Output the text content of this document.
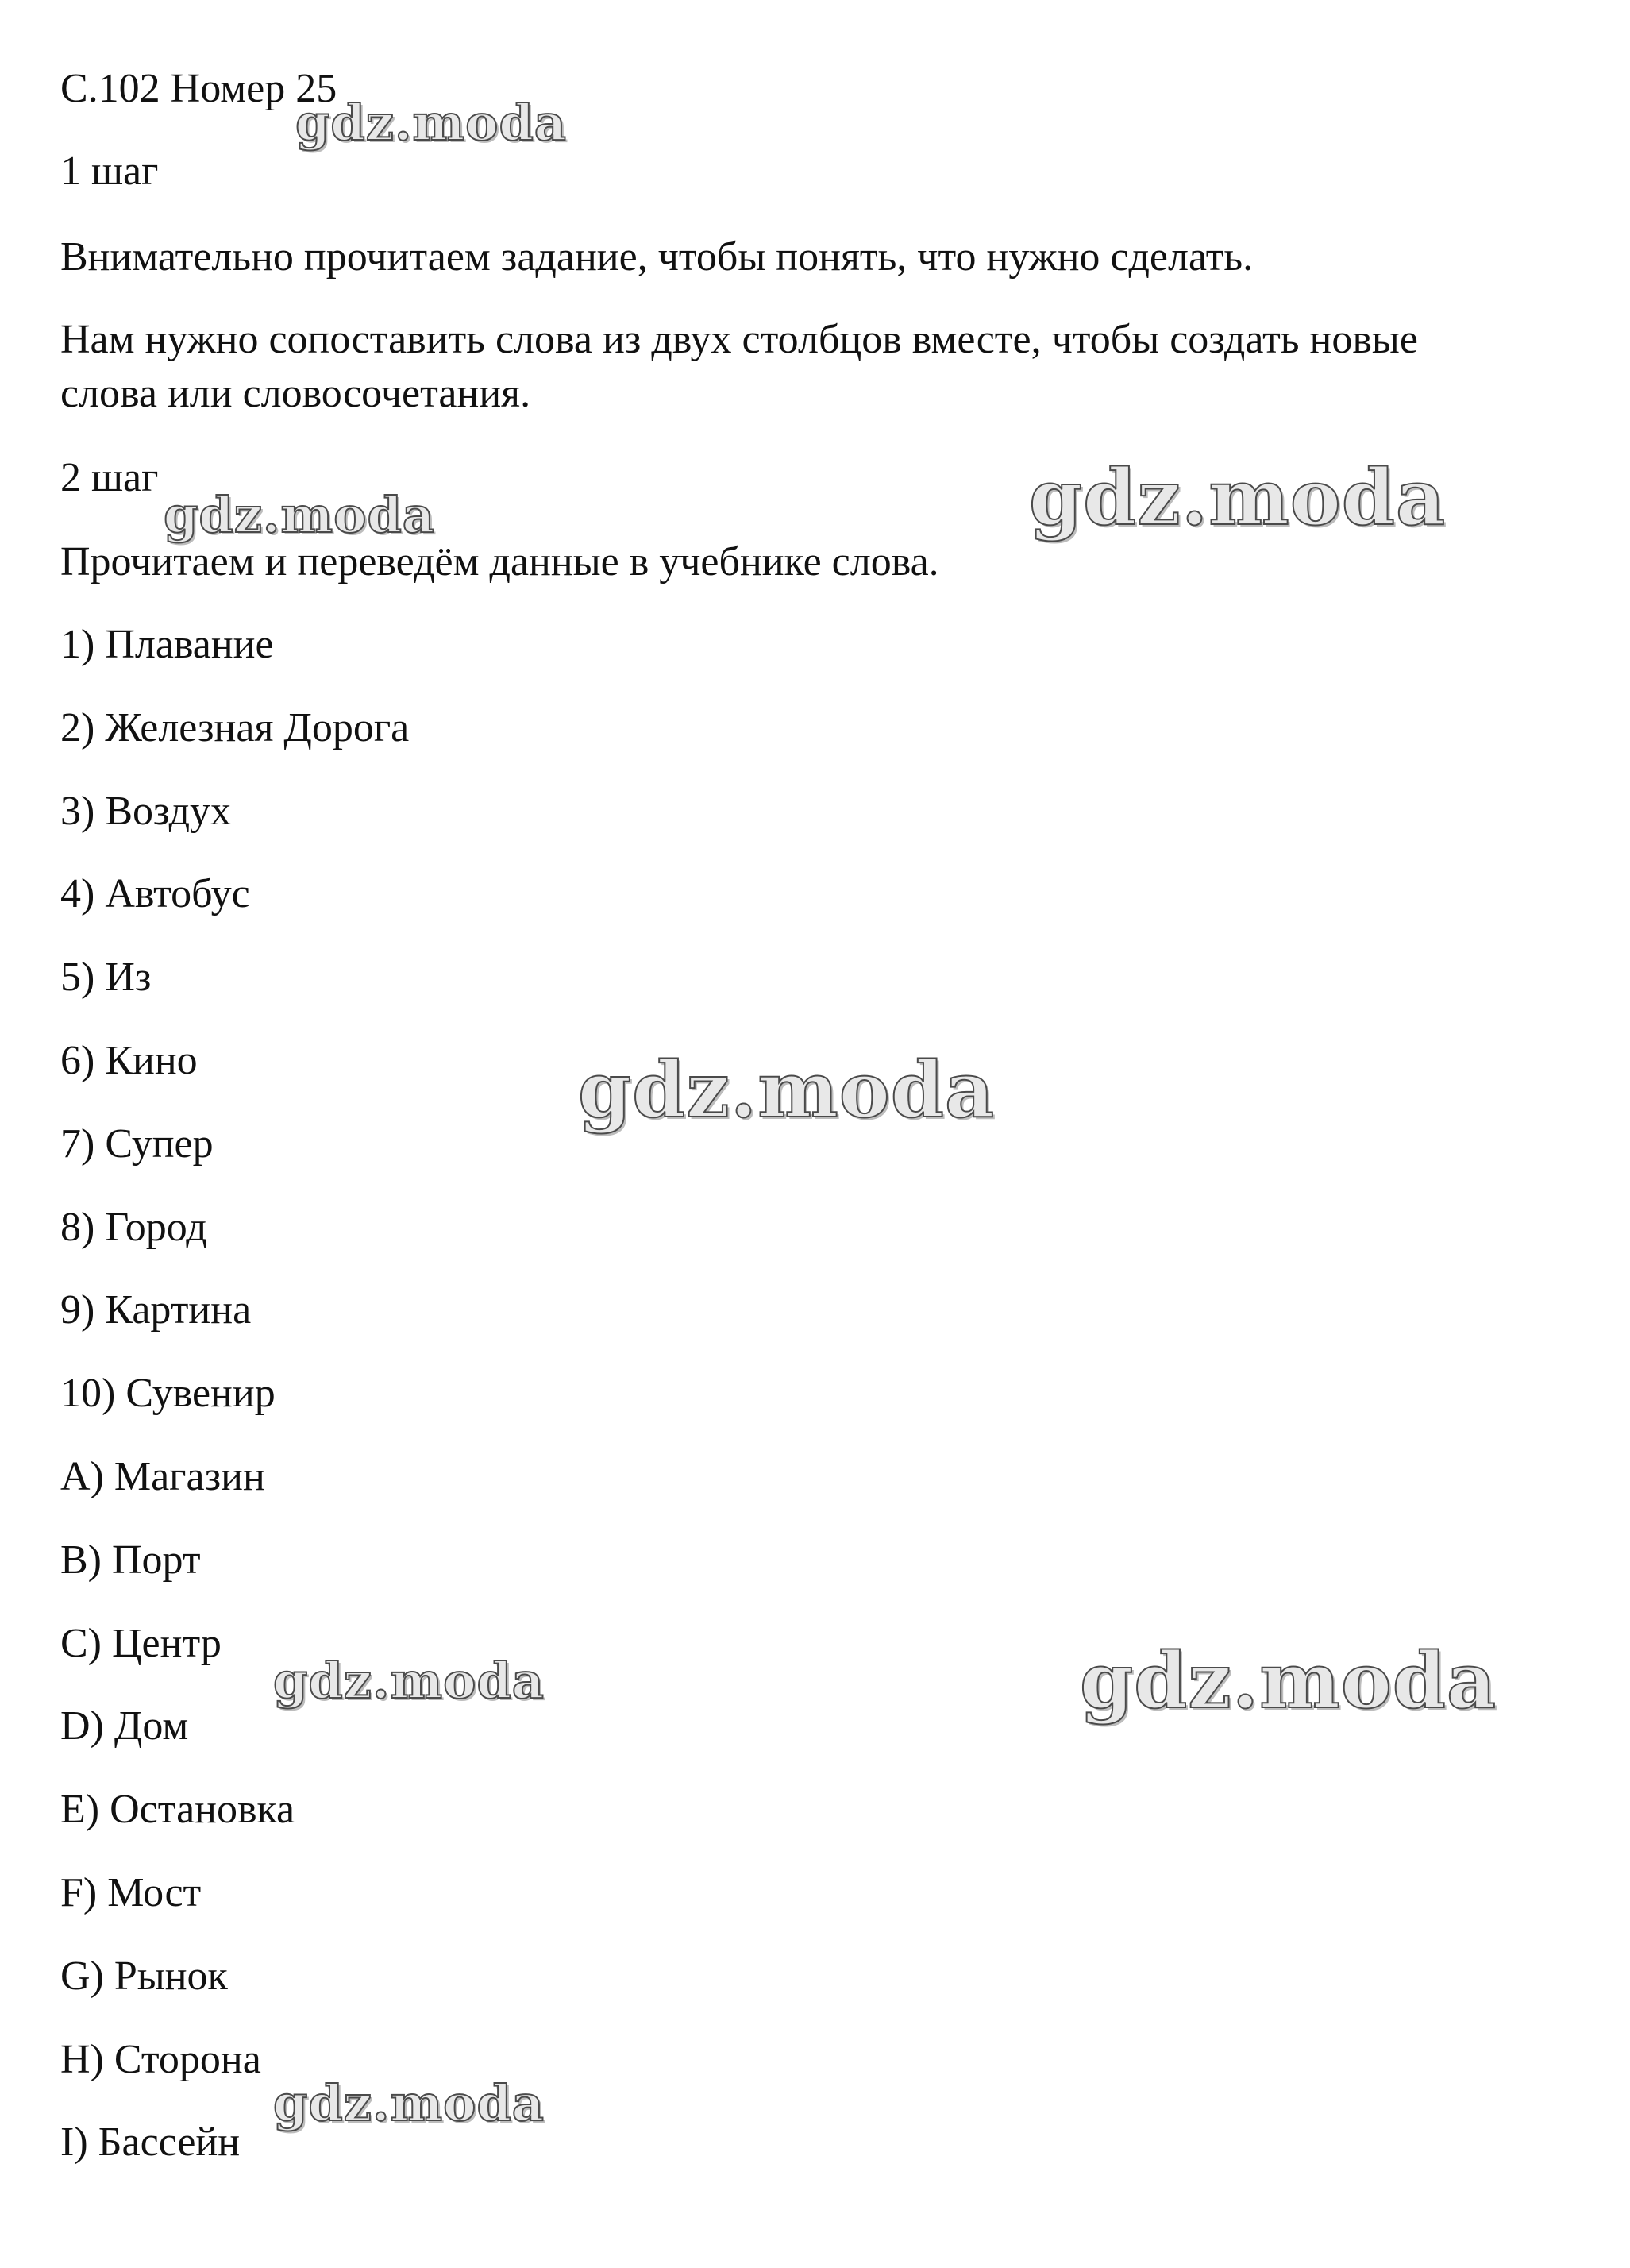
С.102 Номер 25

1 шаг

Внимательно прочитаем задание, чтобы понять, что нужно сделать.

Нам нужно сопоставить слова из двух столбцов вместе, чтобы создать новые

слова или словосочетания.

2 шаг

Прочитаем и переведём данные в учебнике слова.

1) Плавание

2) Железная Дорога

3) Воздух

4) Автобус

5) Из

6) Кино

7) Супер

8) Город

9) Картина

10) Сувенир

A) Магазин

B) Порт

C) Центр

D) Дом

E) Остановка

F) Мост

G) Рынок

H) Сторона

I) Бассейн

gdz.moda
gdz.moda	gdz.moda
gdz.moda
gdz.moda	gdz.moda
gdz.moda
